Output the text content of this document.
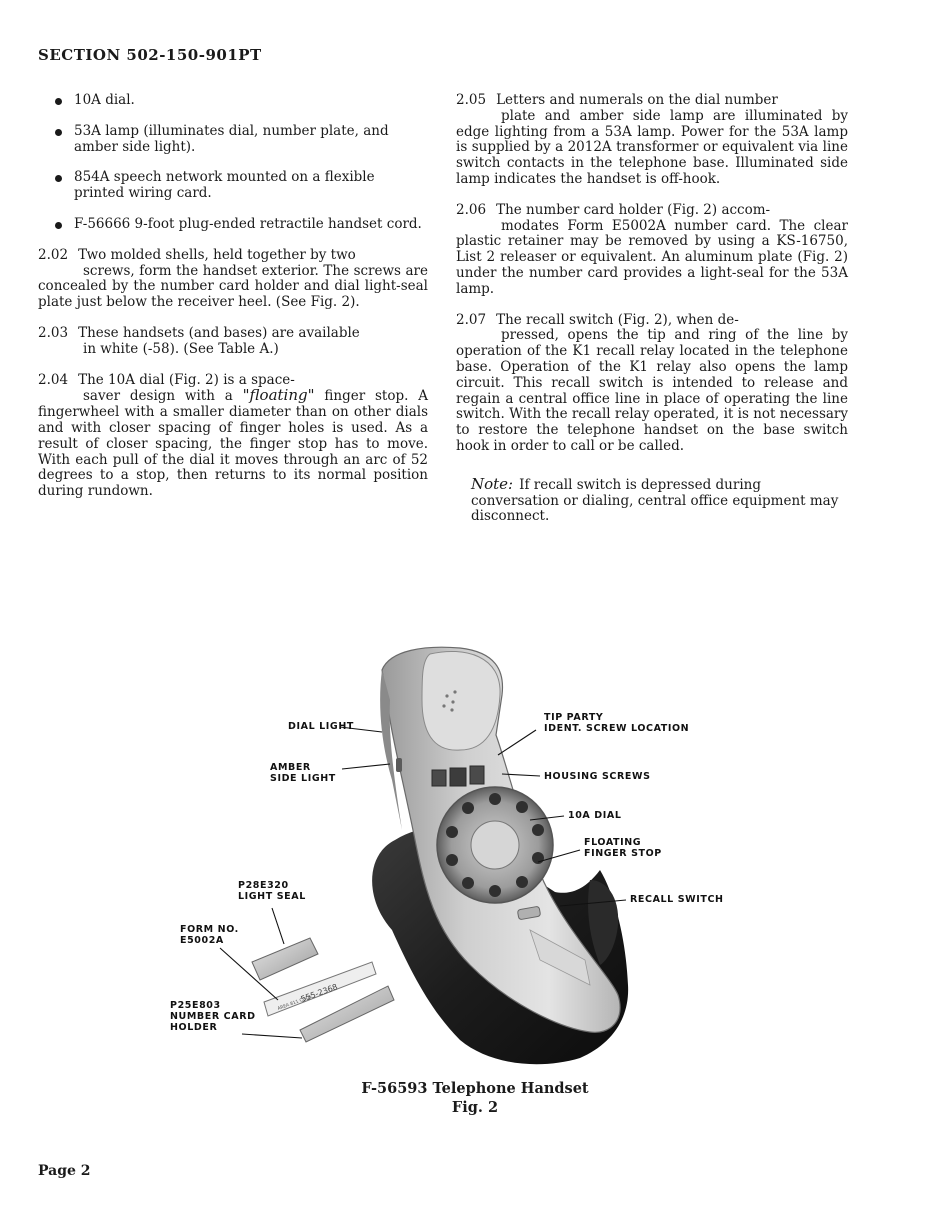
SECTION 502-150-901PT
10A dial.
53A lamp (illuminates dial, number plate, and amber side light).
854A speech network mounted on a flexible printed wiring card.
F-56666 9-foot plug-ended retractile handset cord.
2.02 Two molded shells, held together by two
screws, form the handset exterior. The screws are concealed by the number card holder and dial light-seal plate just below the receiver heel. (See Fig. 2).
2.03 These handsets (and bases) are available
in white (-58). (See Table A.)
2.04 The 10A dial (Fig. 2) is a space-
saver design with a "floating" finger stop. A fingerwheel with a smaller diameter than on other dials and with closer spacing of finger holes is used. As a result of closer spacing, the finger stop has to move. With each pull of the dial it moves through an arc of 52 degrees to a stop, then returns to its normal position during rundown.
2.05 Letters and numerals on the dial number
plate and amber side lamp are illuminated by edge lighting from a 53A lamp. Power for the 53A lamp is supplied by a 2012A transformer or equivalent via line switch contacts in the telephone base. Illuminated side lamp indicates the handset is off-hook.
2.06 The number card holder (Fig. 2) accom-
modates Form E5002A number card. The clear plastic retainer may be removed by using a KS-16750, List 2 releaser or equivalent. An aluminum plate (Fig. 2) under the number card provides a light-seal for the 53A lamp.
2.07 The recall switch (Fig. 2), when de-
pressed, opens the tip and ring of the line by operation of the K1 recall relay located in the telephone base. Operation of the K1 relay also opens the lamp circuit. This recall switch is intended to release and regain a central office line in place of operating the line switch. With the recall relay operated, it is not necessary to restore the telephone handset on the base switch hook in order to call or be called.
Note: If recall switch is depressed during conversation or dialing, central office equipment may disconnect.
AREA 811 CODE
555-2368
DIAL LIGHT
AMBER
SIDE LIGHT
TIP PARTY
IDENT. SCREW LOCATION
HOUSING SCREWS
10A DIAL
FLOATING
FINGER STOP
RECALL SWITCH
P28E320
LIGHT SEAL
FORM NO.
E5002A
P25E803
NUMBER CARD
HOLDER
F-56593 Telephone Handset
Fig. 2
Page 2
